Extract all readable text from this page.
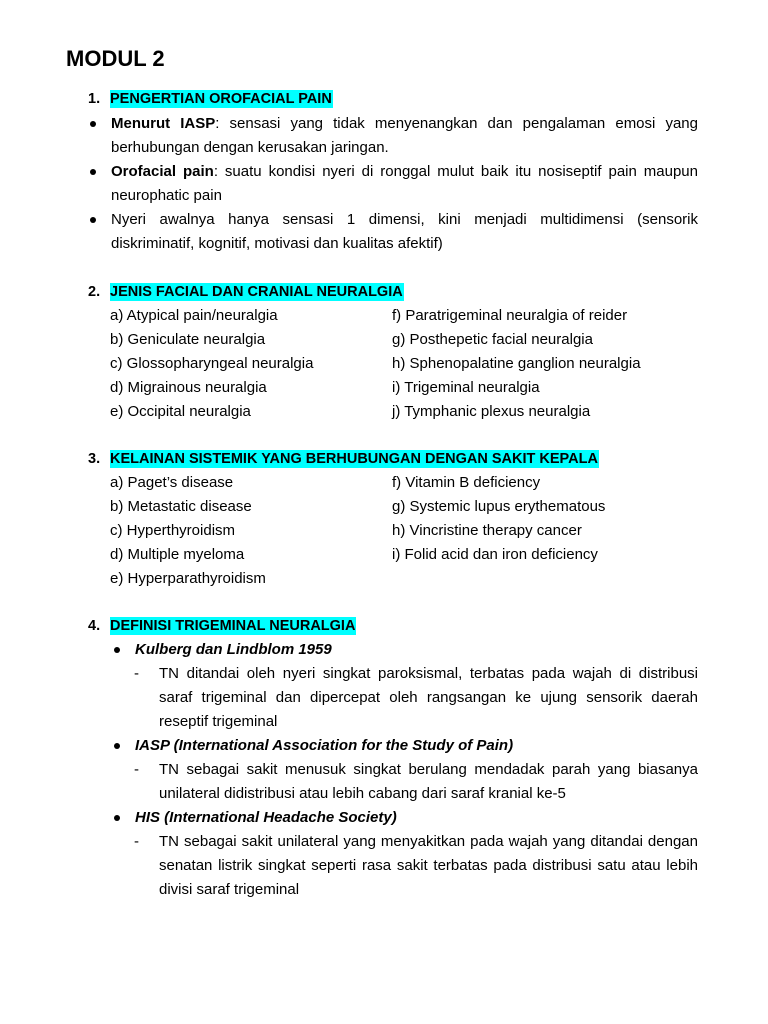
MODUL 2
1. PENGERTIAN OROFACIAL PAIN
Menurut IASP: sensasi yang tidak menyenangkan dan pengalaman emosi yang berhubungan dengan kerusakan jaringan.
Orofacial pain: suatu kondisi nyeri di ronggal mulut baik itu nosiseptif pain maupun neurophatic pain
Nyeri awalnya hanya sensasi 1 dimensi, kini menjadi multidimensi (sensorik diskriminatif, kognitif, motivasi dan kualitas afektif)
2. JENIS FACIAL DAN CRANIAL NEURALGIA
a) Atypical pain/neuralgia	f) Paratrigeminal neuralgia of reider
b) Geniculate neuralgia	g) Posthepetic facial neuralgia
c) Glossopharyngeal neuralgia	h) Sphenopalatine ganglion neuralgia
d) Migrainous neuralgia	i) Trigeminal neuralgia
e) Occipital neuralgia	j) Tymphanic plexus neuralgia
3. KELAINAN SISTEMIK YANG BERHUBUNGAN DENGAN SAKIT KEPALA
a) Paget’s disease	f) Vitamin B deficiency
b) Metastatic disease	g) Systemic lupus erythematous
c) Hyperthyroidism	h) Vincristine therapy cancer
d) Multiple myeloma	i) Folid acid dan iron deficiency
e) Hyperparathyroidism
4. DEFINISI TRIGEMINAL NEURALGIA
Kulberg dan Lindblom 1959
- TN ditandai oleh nyeri singkat paroksismal, terbatas pada wajah di distribusi saraf trigeminal dan dipercepat oleh rangsangan ke ujung sensorik daerah reseptif trigeminal
IASP (International Association for the Study of Pain)
- TN sebagai sakit menusuk singkat berulang mendadak parah yang biasanya unilateral didistribusi atau lebih cabang dari saraf kranial ke-5
HIS (International Headache Society)
- TN sebagai sakit unilateral yang menyakitkan pada wajah yang ditandai dengan senatan listrik singkat seperti rasa sakit terbatas pada distribusi satu atau lebih divisi saraf trigeminal
